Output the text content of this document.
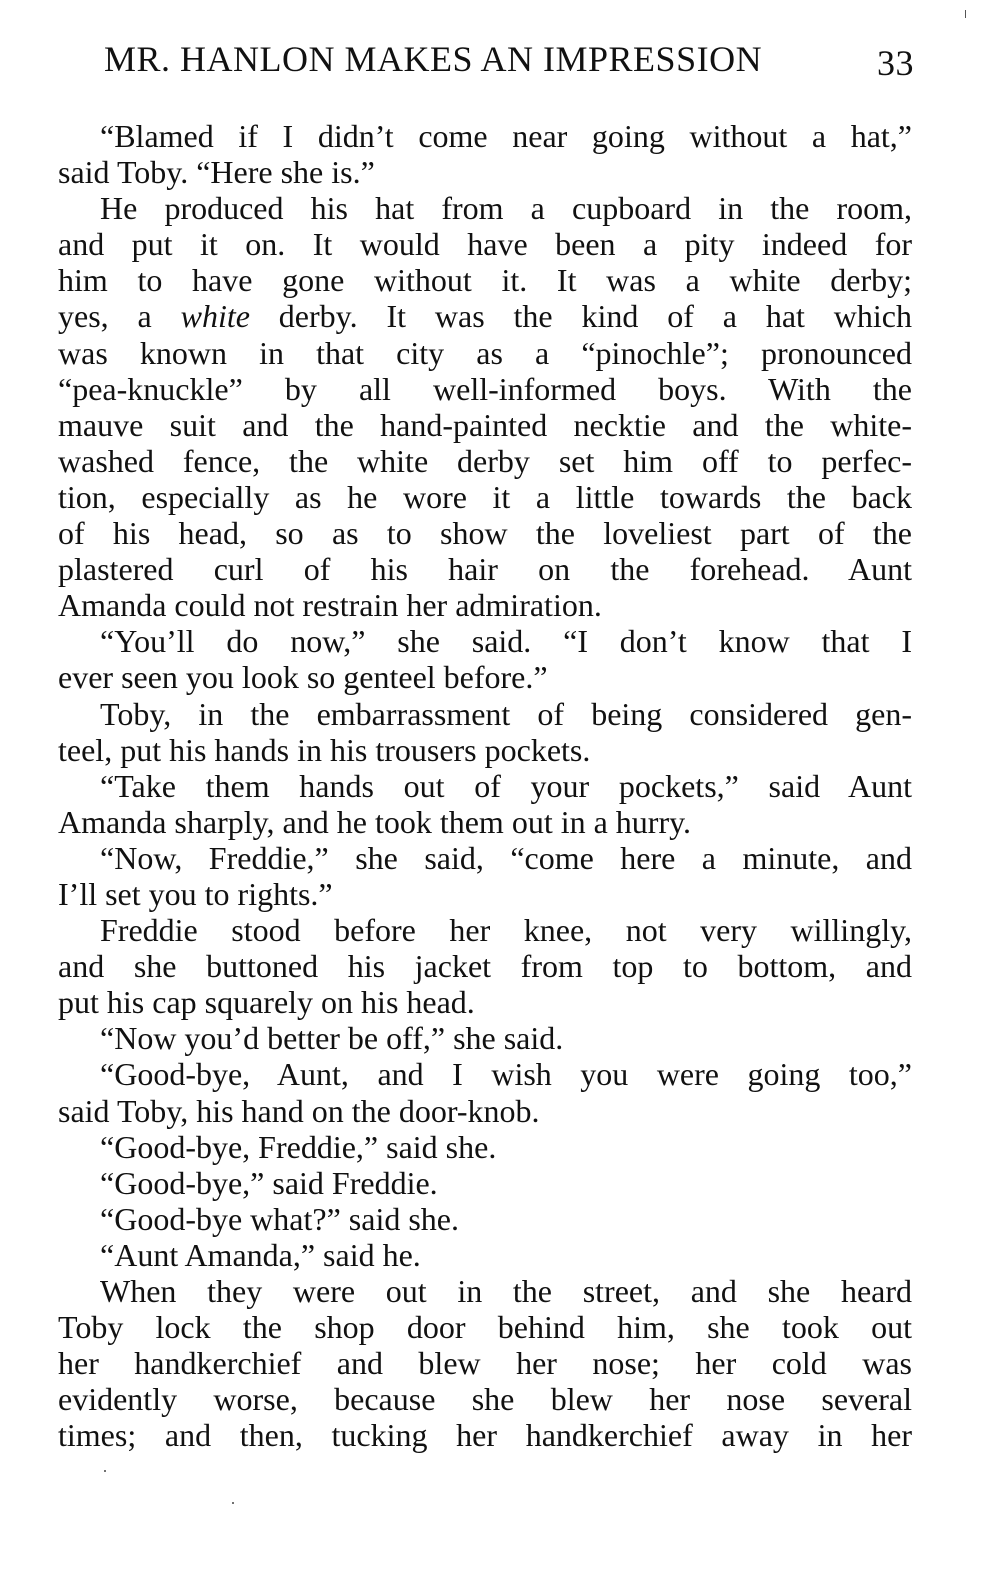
MR. HANLON MAKES AN IMPRESSION	33
“Blamed if I didn’t come near going without a hat,”
said Toby. “Here she is.”
He produced his hat from a cupboard in the room,
and put it on. It would have been a pity indeed for
him to have gone without it. It was a white derby;
yes, a white derby. It was the kind of a hat which
was known in that city as a “pinochle”; pronounced
“pea-knuckle” by all well-informed boys. With the
mauve suit and the hand-painted necktie and the white-
washed fence, the white derby set him off to perfec-
tion, especially as he wore it a little towards the back
of his head, so as to show the loveliest part of the
plastered curl of his hair on the forehead. Aunt
Amanda could not restrain her admiration.
“You’ll do now,” she said. “I don’t know that I
ever seen you look so genteel before.”
Toby, in the embarrassment of being considered gen-
teel, put his hands in his trousers pockets.
“Take them hands out of your pockets,” said Aunt
Amanda sharply, and he took them out in a hurry.
“Now, Freddie,” she said, “come here a minute, and
I’ll set you to rights.”
Freddie stood before her knee, not very willingly,
and she buttoned his jacket from top to bottom, and
put his cap squarely on his head.
“Now you’d better be off,” she said.
“Good-bye, Aunt, and I wish you were going too,”
said Toby, his hand on the door-knob.
“Good-bye, Freddie,” said she.
“Good-bye,” said Freddie.
“Good-bye what?” said she.
“Aunt Amanda,” said he.
When they were out in the street, and she heard
Toby lock the shop door behind him, she took out
her handkerchief and blew her nose; her cold was
evidently worse, because she blew her nose several
times; and then, tucking her handkerchief away in her
